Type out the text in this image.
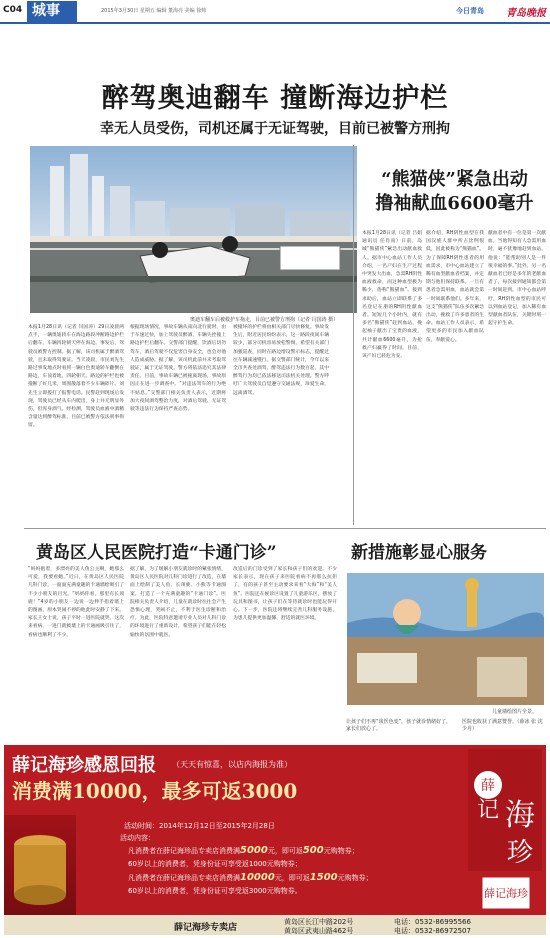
C04 城事	2015年3月30日 星期五 编辑 董海亮 美编 徐帅	今日青岛 青岛晚报
醉驾奥迪翻车 撞断海边护栏
幸无人员受伤，司机还属于无证驾驶，目前已被警方刑拘
奥迪车翻车后被救护车拖走，目前已被警方刑拘（记者 闫国涛 摄）
本报1月28日讯（记者 闫国涛）29日凌晨两点半，一辆奥迪轿车在海边路段冲断路边护栏后翻车，车辆四轮朝天停在海边。事发后，驾驶员被警方控制。据了解，该司机属于醉酒驾驶，且未取得驾驶证。当天凌晨，市民刘先生路过事发地点时看到一辆白色奥迪轿车翻倒在路边，车顶着地，四轮朝天。路边的护栏也被撞断了好几米，周围散落着不少车辆碎片。刘先生立即拨打了报警电话。民警赶到现场后发现，驾驶员已经从车内爬出，身上并无明显外伤，但浑身酒气。经检测，驾驶员血液中酒精含量达到醉驾标准，目前已被警方依法刑事拘留。
根据现场情况，事故车辆从南向北行驶时，由于车速过快，加上驾驶员醉酒，车辆失控撞上路边护栏后翻车。交警部门提醒，饮酒后切勿驾车，酒后驾驶不仅危害自身安全，也会对他人造成威胁。据了解，该司机此前并未考取驾驶证，属于无证驾驶。警方将依法追究其法律责任。目前，事故车辆已被拖离现场，事故原因正在进一步调查中。“对违法驾车的行为绝不姑息。”交警部门相关负责人表示，近期将加大夜间酒驾整治力度，对酒后驾驶、无证驾驶等违法行为保持严查态势。
被撞坏的护栏将由相关部门尽快修复。事故发生后，附近居民纷纷表示，这一路段夜间车辆较少，部分司机容易放松警惕，希望有关部门加强巡查，同时在路边增设警示标志，提醒过往车辆减速慢行。据交警部门统计，今年以来全市共查处酒驾、醉驾违法行为数百起，其中醉驾行为均已依法移送司法机关处理。警方呼吁广大驾驶员自觉遵守交通法规，珍爱生命，远离酒驾。
“熊猫侠”紧急出动
撸袖献血6600毫升
本报1月28日讯（记者 吕娟 通讯员 任肖南）日前，岛城“熊猫侠”紧急出动献血救人。据市中心血站工作人员介绍，一名产妇在生产过程中突发大出血，急需RH阴性血液救命，而这种血型极为稀少，俗称“熊猫血”。接到求助后，血站立即联系了多名登记在册的RH阴性献血者。短短几个小时内，就有多名“熊猫侠”赶到血站，挽起袖子献出了宝贵的血液，共计献血6600毫升，为抢救产妇赢得了时间。目前，该产妇已转危为安。
据介绍，RH阴性血型在我国汉族人群中所占比例很低，因此被称为“熊猫血”。为了保障RH阴性患者的用血需求，市中心血站建立了稀有血型献血者档案，并定期与他们保持联系。一旦有患者急需用血，血站就会第一时间联系他们。多年来，这支“熊猫侠”队伍多次紧急出动，挽救了许多患者的生命。血站工作人员表示，希望更多的市民加入献血队伍，奉献爱心。
献血者中有一位是第一次献血，当他得知有人急需用血时，毫不犹豫地赶到血站。他说：“能帮助别人是一件很幸福的事。”此外，另一名献血者已经是多年的老献血者了，每次接到通知都会第一时间赶到。市中心血站呼吁，RH阴性血型的市民可以到血站登记，加入稀有血型献血者队伍，关键时刻一起守护生命。
黄岛区人民医院打造“卡通门诊”	新措施彰显心服务
“妈妈抱着，多漂亮的美人鱼公主啊，她那么可爱，我要看她。”近日，在黄岛区人民医院儿科门诊，一面面充满童趣的卡通墙绘吸引了不少小朋友的目光。“妈妈你看，那里有长颈鹿！”4岁的小朋友一边说一边伸手指着墙上的图画，原本哭闹不停的他此时安静了下来。家长王女士说，孩子平时一进医院就哭，这次来看病，一进门就被墙上的卡通画吸引住了，看病也顺利了不少。
据了解，为了缓解小朋友就诊时的紧张情绪，黄岛区人民医院对儿科门诊进行了改造，在墙面上绘制了美人鱼、长颈鹿、小熊等卡通图案，打造了一个充满童趣的“卡通门诊”。医院相关负责人介绍，儿童在就诊时往往会产生恐惧心理，哭闹不止，不利于医生诊断和治疗。为此，医院特意邀请专业人员对儿科门诊的环境进行了重新设计，希望孩子们能在轻松愉快的氛围中就医。
改造后的门诊受到了家长和孩子们的欢迎。不少家长表示，现在孩子来医院看病不再那么抗拒了，有的孩子甚至主动要求来看“大海”和“美人鱼”。医院还在候诊区设置了儿童游乐区，摆放了玩具和图书，让孩子们在等待就诊时也能玩得开心。下一步，医院还将继续完善儿科服务设施，为患儿提供更加温馨、舒适的就医环境。
儿童墙绘图片全景。
让孩子们不再“谈医色变”，孩子就诊情绪好了，家长们放心了。
医院也收获了满意赞誉。（薛冰 张 沈少丹）
薛记海珍感恩回报 （天天有惊喜，以店内海报为准）
消费满10000，最多可返3000
活动时间：2014年12月12日至2015年2月28日
活动内容：
凡消费者在薛记海珍品专卖店消费满5000元，即可返500元购物券；
60岁以上的消费者，凭身份证可享受返1000元购物券；
凡消费者在薛记海珍品专卖店消费满10000元，即可返1500元购物券；
60岁以上的消费者，凭身份证可享受返3000元购物券。
薛
记 海
珍
薛记海珍
薛记海珍专卖店
黄岛区长江中路202号
黄岛区武夷山路462号
电话：0532-86995566
电话：0532-86972507
